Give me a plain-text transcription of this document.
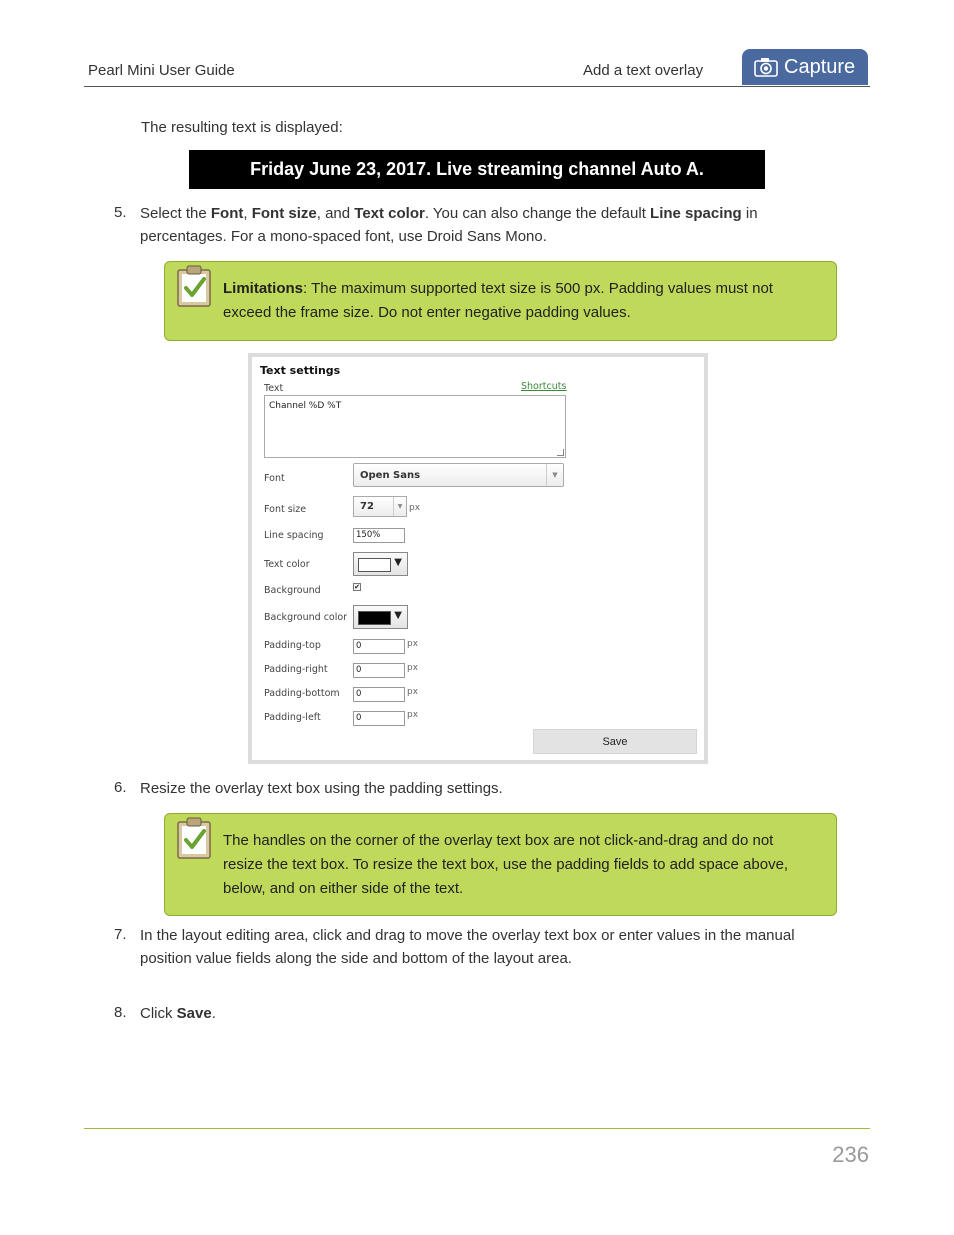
Pearl Mini User Guide	Add a text overlay	Capture
The resulting text is displayed:
Friday June 23, 2017. Live streaming channel Auto A.
5. Select the Font, Font size, and Text color. You can also change the default Line spacing in
percentages. For a mono-spaced font, use Droid Sans Mono.
Limitations: The maximum supported text size is 500 px. Padding values must not
exceed the frame size. Do not enter negative padding values.
Text settings
Text	Shortcuts
Channel %D %T
Font	Open Sans	▼
Font size	72	▼ px
Line spacing	150%
Text color	▼
Background	✔
Background color	▼
Padding-top	0	px
Padding-right	0	px
Padding-bottom	0	px
Padding-left	0	px
Save
6. Resize the overlay text box using the padding settings.
The handles on the corner of the overlay text box are not click-and-drag and do not
resize the text box. To resize the text box, use the padding fields to add space above,
below, and on either side of the text.
7. In the layout editing area, click and drag to move the overlay text box or enter values in the manual
position value fields along the side and bottom of the layout area.
8. Click Save.
236
